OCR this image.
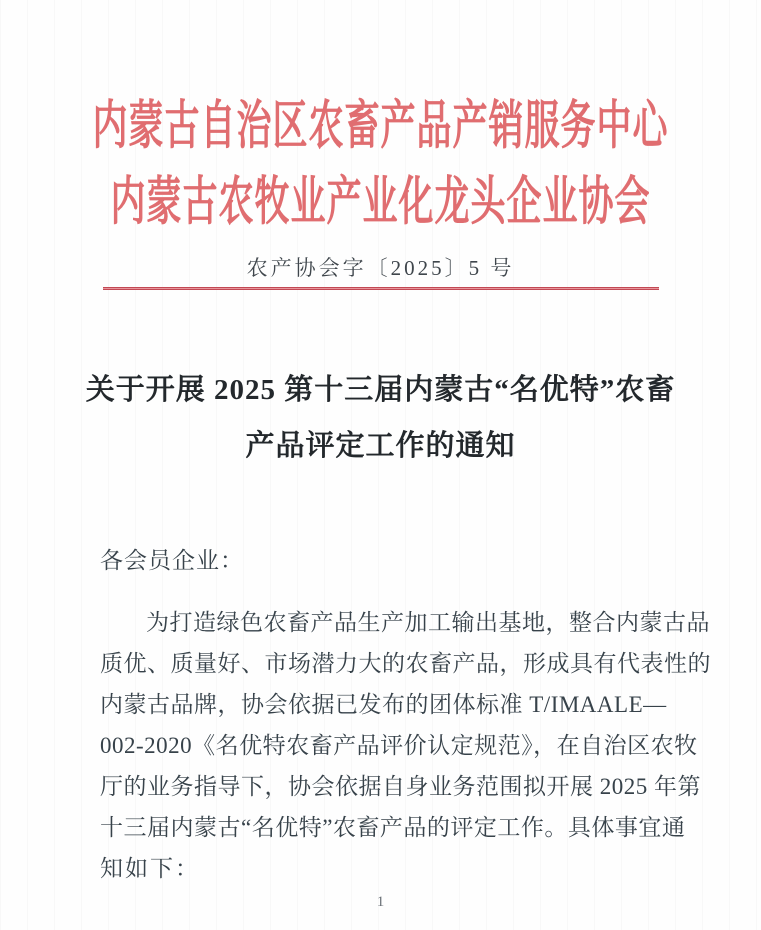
内蒙古自治区农畜产品产销服务中心
内蒙古农牧业产业化龙头企业协会
农产协会字〔2025〕5 号
关于开展 2025 第十三届内蒙古“名优特”农畜
产品评定工作的通知

各会员企业：

为打造绿色农畜产品生产加工输出基地，整合内蒙古品
质优、质量好、市场潜力大的农畜产品，形成具有代表性的
内蒙古品牌，协会依据已发布的团体标准 T/IMAALE—
002-2020《名优特农畜产品评价认定规范》，在自治区农牧
厅的业务指导下，协会依据自身业务范围拟开展 2025 年第
十三届内蒙古“名优特”农畜产品的评定工作。具体事宜通
知如下：
1
